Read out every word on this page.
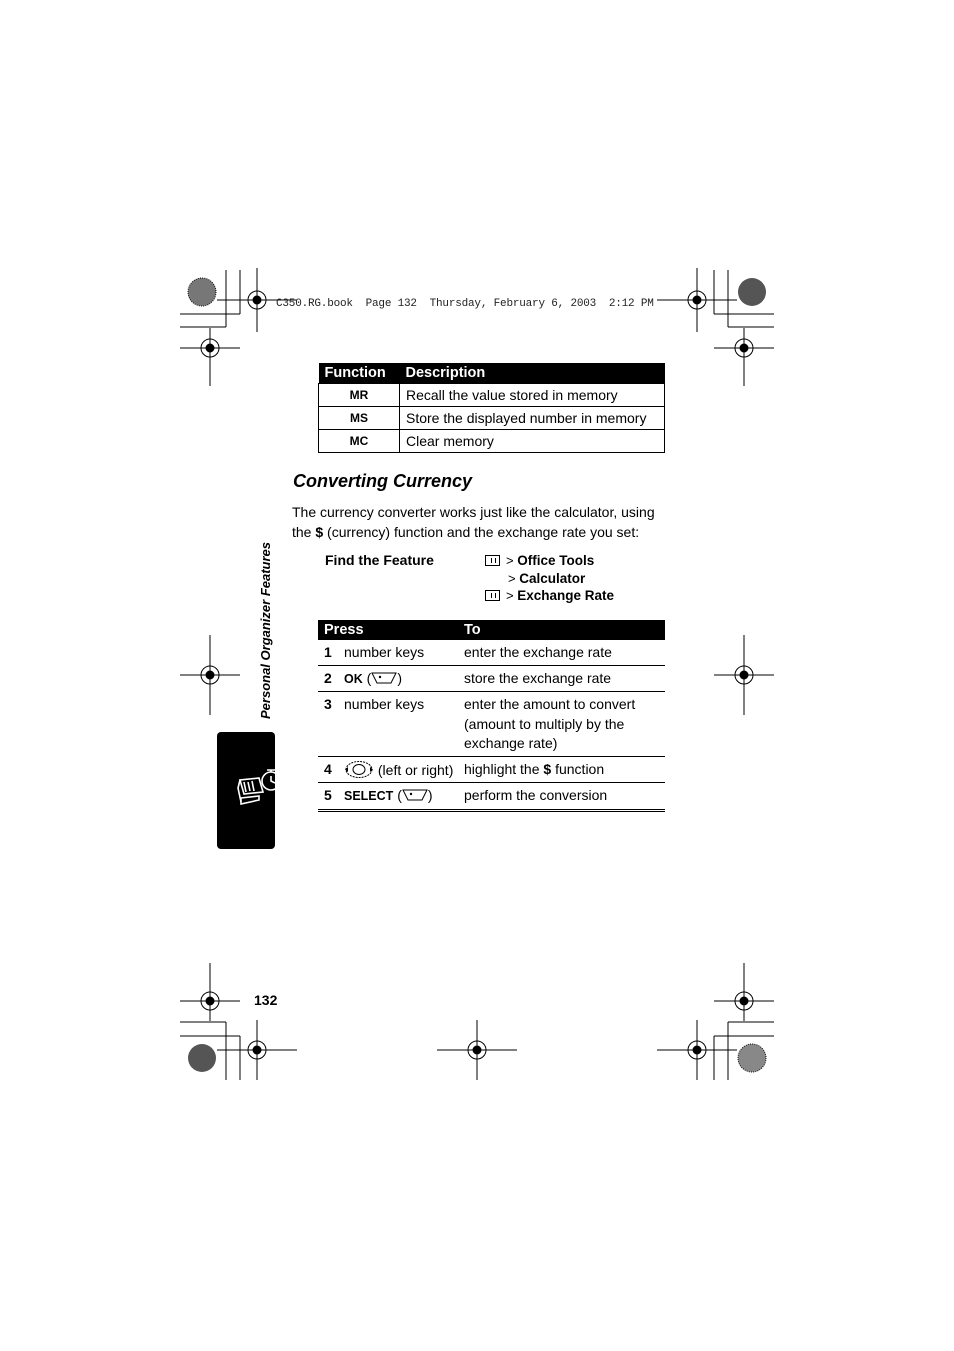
C350.RG.book  Page 132  Thursday, February 6, 2003  2:12 PM
Function	Description
MR	Recall the value stored in memory
MS	Store the displayed number in memory
MC	Clear memory
Converting Currency
The currency converter works just like the calculator, using the $ (currency) function and the exchange rate you set:
Find the Feature	>
Office Tools
>
Calculator
>
Exchange Rate
Press		To
1	number keys	enter the exchange rate
2	OK ( )	store the exchange rate
3	number keys	enter the amount to convert (amount to multiply by the exchange rate)
4	(left or right)	highlight the $ function
5	SELECT ( )	perform the conversion
Personal Organizer Features
132
